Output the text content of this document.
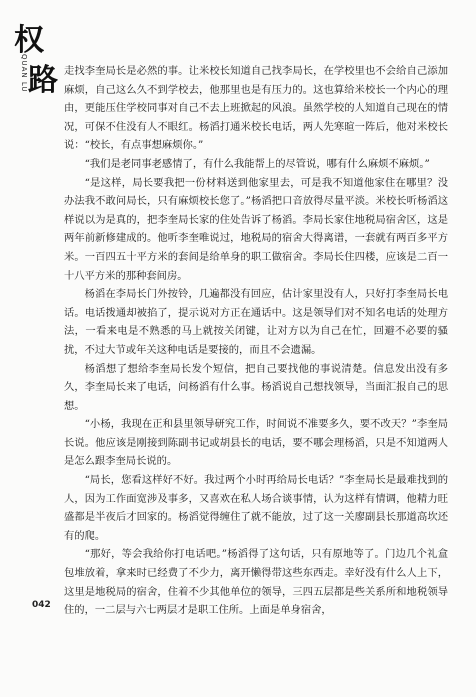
权
QUAN LU 路 走找李奎局长是必然的事。让米校长知道自己找李局长，在学校里也不会给自己添加麻烦，自己这么久不到学校去，他那里也是有压力的。这也算给米校长一个内心的理由，更能压住学校同事对自己不去上班掀起的风浪。虽然学校的人知道自己现在的情况，可保不住没有人不眼红。杨滔打通米校长电话，两人先寒暄一阵后，他对米校长说：“校长，有点事想麻烦你。”

“我们是老同事老感情了，有什么我能帮上的尽管说，哪有什么麻烦不麻烦。”

“是这样，局长要我把一份材料送到他家里去，可是我不知道他家住在哪里？没办法我不敢问局长，只有麻烦校长您了。”杨滔把口音放得尽量平淡。米校长听杨滔这样说以为是真的，把李奎局长家的住处告诉了杨滔。李局长家住地税局宿舍区，这是两年前新修建成的。他听李奎唯说过，地税局的宿舍大得离谱，一套就有两百多平方米。一百四五十平方米的套间是给单身的职工做宿舍。李局长住四楼，应该是二百一十八平方米的那种套间房。

杨滔在李局长门外按铃，几遍都没有回应，估计家里没有人，只好打李奎局长电话。电话拨通却被掐了，提示说对方正在通话中。这是领导们对不知名电话的处理方法，一看来电是不熟悉的马上就按关闭键，让对方以为自己在忙，回避不必要的骚扰，不过大节或年关这种电话是要接的，而且不会遗漏。

杨滔想了想给李奎局长发个短信，把自己要找他的事说清楚。信息发出没有多久，李奎局长来了电话，问杨滔有什么事。杨滔说自己想找领导，当面汇报自己的思想。

“小杨，我现在正和县里领导研究工作，时间说不准要多久，要不改天？”李奎局长说。他应该是刚接到陈副书记或胡县长的电话，要不哪会理杨滔，只是不知道两人是怎么跟李奎局长说的。

“局长，您看这样好不好。我过两个小时再给局长电话？”李奎局长是最难找到的人，因为工作面宽涉及事多，又喜欢在私人场合谈事情，认为这样有情调，他精力旺盛都是半夜后才回家的。杨滔觉得缠住了就不能放，过了这一关廖副县长那道高坎还有的爬。

“那好，等会我给你打电话吧。”杨滔得了这句话，只有原地等了。门边几个礼盒包堆放着，拿来时已经费了不少力，离开懒得带这些东西走。幸好没有什么人上下，这里是地税局的宿舍，住着不少其他单位的领导，三四五层都是些关系所和地税领导住的，一二层与六七两层才是职工住所。上面是单身宿舍，

042
